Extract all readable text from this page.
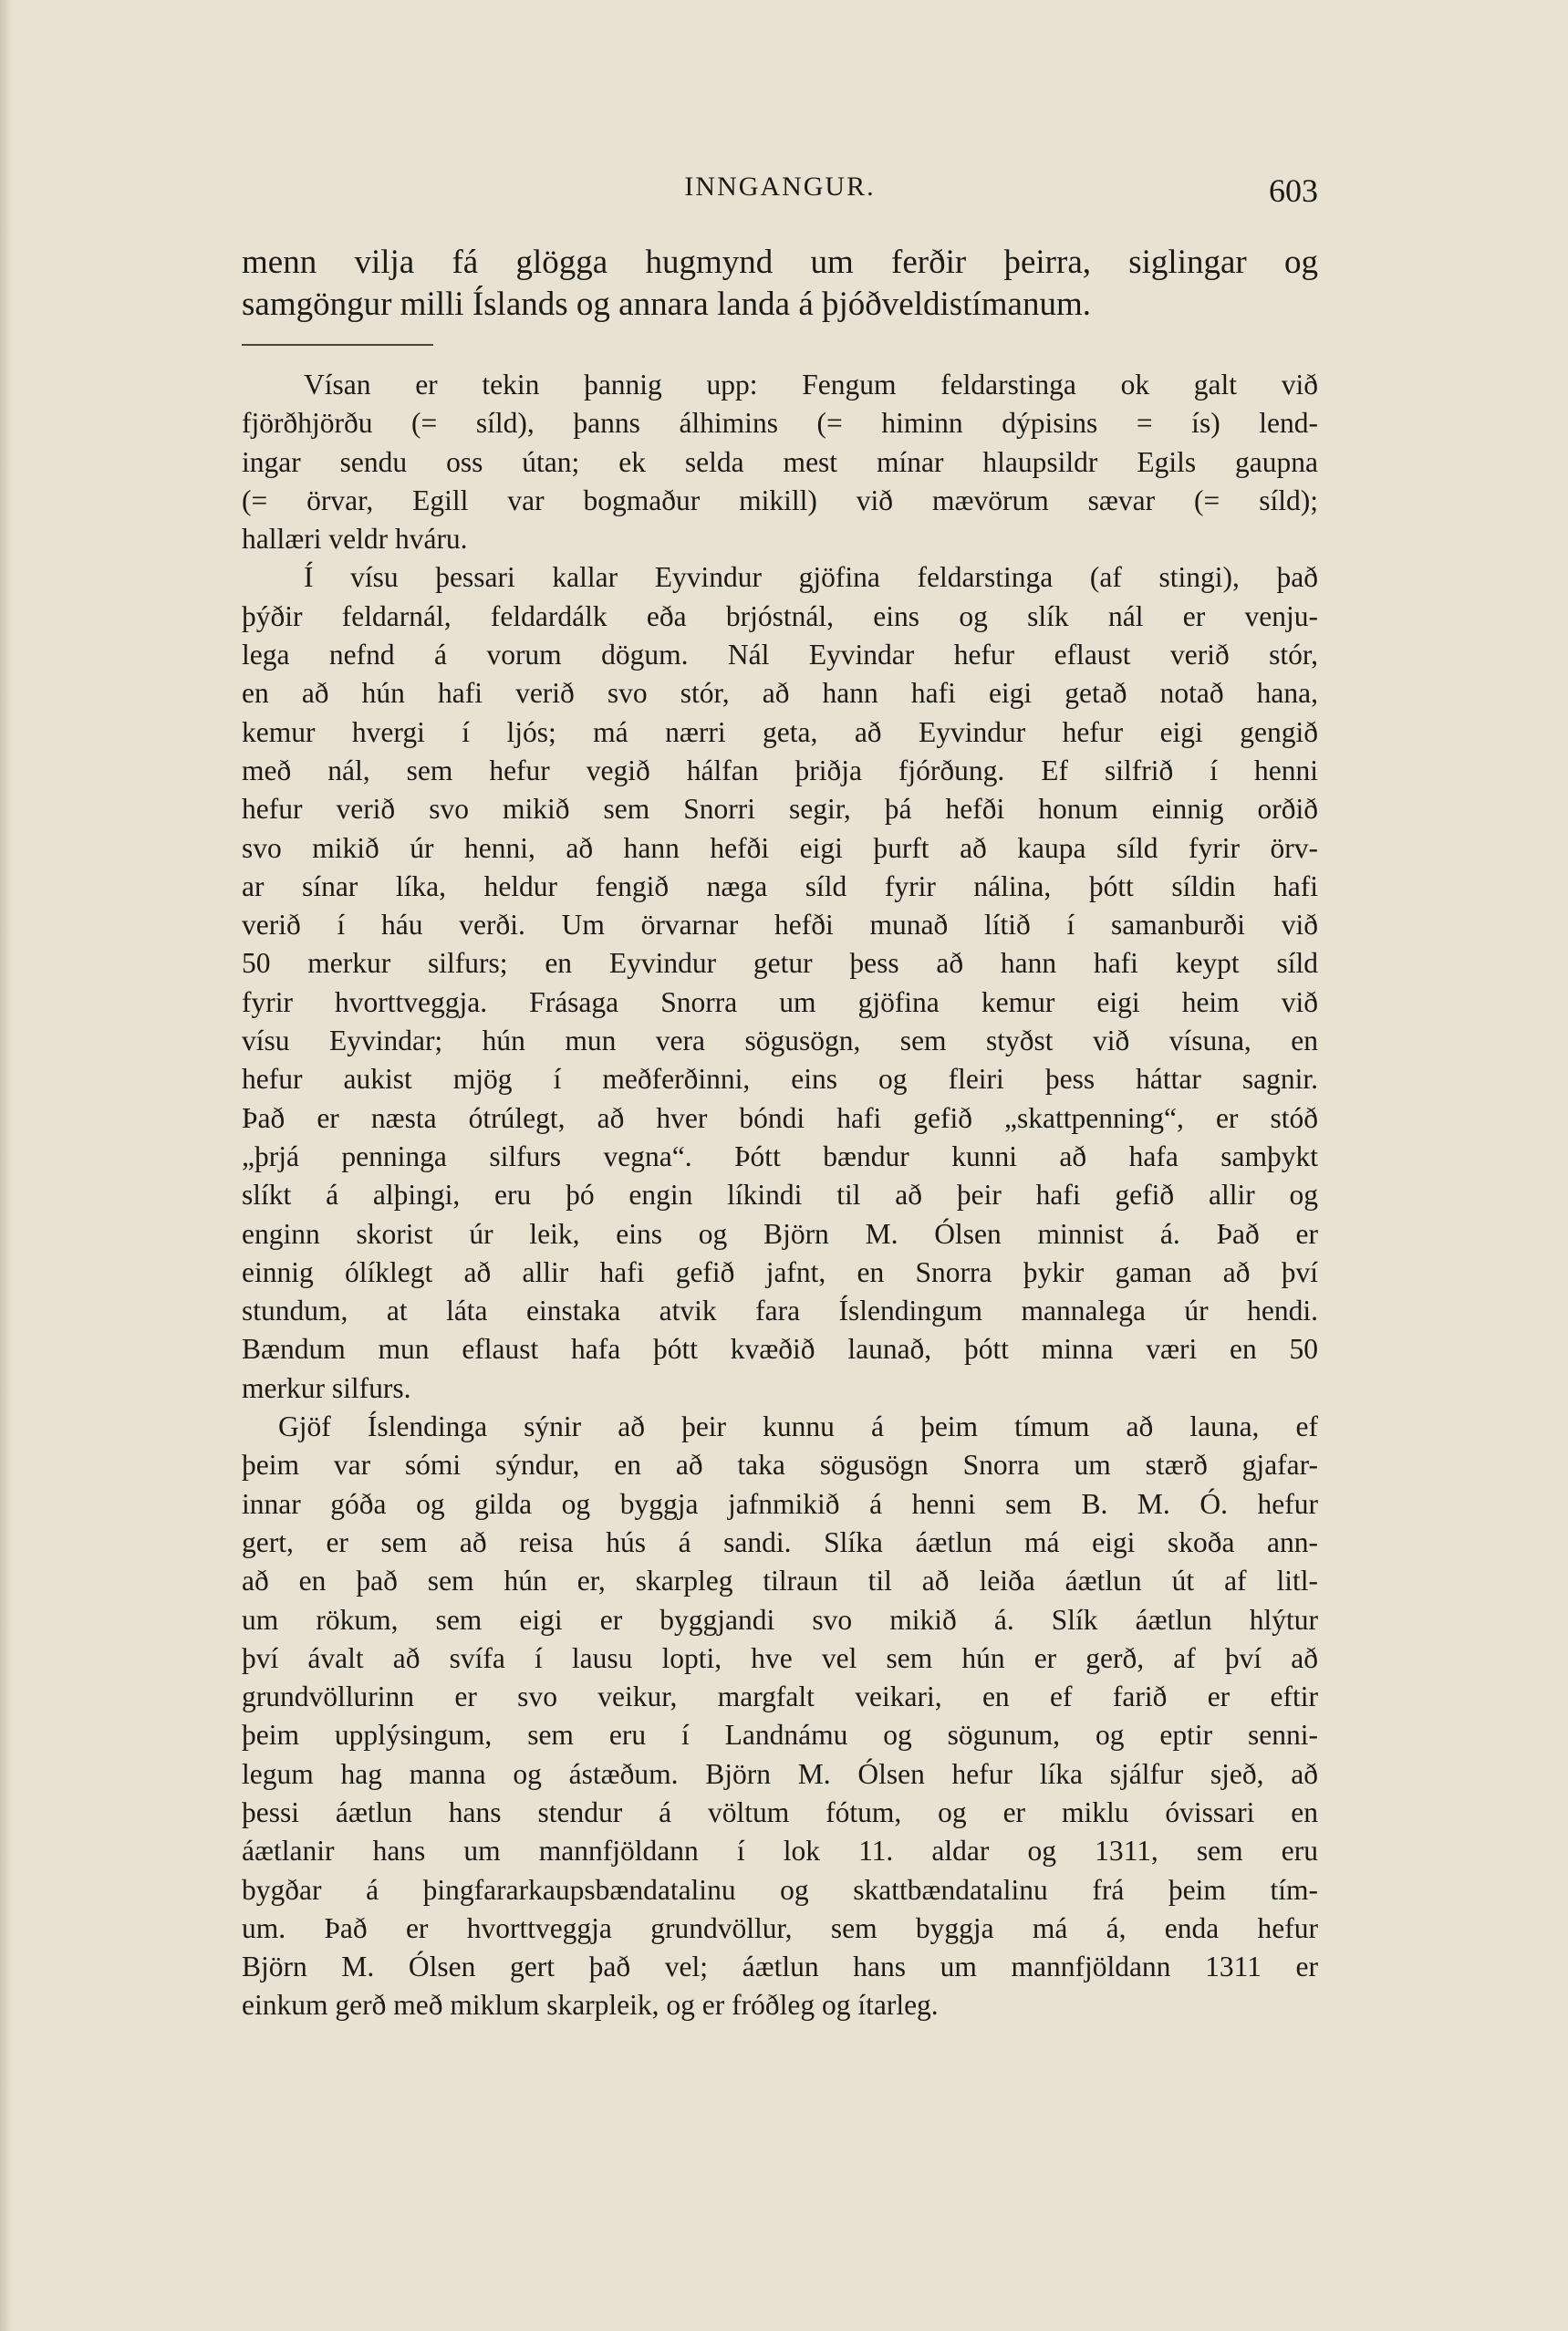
INNGANGUR.	603
menn vilja fá glögga hugmynd um ferðir þeirra, siglingar og
samgöngur milli Íslands og annara landa á þjóðveldistímanum.
Vísan er tekin þannig upp: Fengum feldarstinga ok galt við
fjörðhjörðu (= síld), þanns álhimins (= himinn dýpisins = ís) lend-
ingar sendu oss útan; ek selda mest mínar hlaupsildr Egils gaupna
(= örvar, Egill var bogmaður mikill) við mævörum sævar (= síld);
hallæri veldr hváru.
Í vísu þessari kallar Eyvindur gjöfina feldarstinga (af stingi), það
þýðir feldarnál, feldardálk eða brjóstnál, eins og slík nál er venju-
lega nefnd á vorum dögum. Nál Eyvindar hefur eflaust verið stór,
en að hún hafi verið svo stór, að hann hafi eigi getað notað hana,
kemur hvergi í ljós; má nærri geta, að Eyvindur hefur eigi gengið
með nál, sem hefur vegið hálfan þriðja fjórðung. Ef silfrið í henni
hefur verið svo mikið sem Snorri segir, þá hefði honum einnig orðið
svo mikið úr henni, að hann hefði eigi þurft að kaupa síld fyrir örv-
ar sínar líka, heldur fengið næga síld fyrir nálina, þótt síldin hafi
verið í háu verði. Um örvarnar hefði munað lítið í samanburði við
50 merkur silfurs; en Eyvindur getur þess að hann hafi keypt síld
fyrir hvorttveggja. Frásaga Snorra um gjöfina kemur eigi heim við
vísu Eyvindar; hún mun vera sögusögn, sem styðst við vísuna, en
hefur aukist mjög í meðferðinni, eins og fleiri þess háttar sagnir.
Það er næsta ótrúlegt, að hver bóndi hafi gefið „skattpenning“, er stóð
„þrjá penninga silfurs vegna“. Þótt bændur kunni að hafa samþykt
slíkt á alþingi, eru þó engin líkindi til að þeir hafi gefið allir og
enginn skorist úr leik, eins og Björn M. Ólsen minnist á. Það er
einnig ólíklegt að allir hafi gefið jafnt, en Snorra þykir gaman að því
stundum, at láta einstaka atvik fara Íslendingum mannalega úr hendi.
Bændum mun eflaust hafa þótt kvæðið launað, þótt minna væri en 50
merkur silfurs.
Gjöf Íslendinga sýnir að þeir kunnu á þeim tímum að launa, ef
þeim var sómi sýndur, en að taka sögusögn Snorra um stærð gjafar-
innar góða og gilda og byggja jafnmikið á henni sem B. M. Ó. hefur
gert, er sem að reisa hús á sandi. Slíka áætlun má eigi skoða ann-
að en það sem hún er, skarpleg tilraun til að leiða áætlun út af litl-
um rökum, sem eigi er byggjandi svo mikið á. Slík áætlun hlýtur
því ávalt að svífa í lausu lopti, hve vel sem hún er gerð, af því að
grundvöllurinn er svo veikur, margfalt veikari, en ef farið er eftir
þeim upplýsingum, sem eru í Landnámu og sögunum, og eptir senni-
legum hag manna og ástæðum. Björn M. Ólsen hefur líka sjálfur sjeð, að
þessi áætlun hans stendur á völtum fótum, og er miklu óvissari en
áætlanir hans um mannfjöldann í lok 11. aldar og 1311, sem eru
bygðar á þingfararkaupsbændatalinu og skattbændatalinu frá þeim tím-
um. Það er hvorttveggja grundvöllur, sem byggja má á, enda hefur
Björn M. Ólsen gert það vel; áætlun hans um mannfjöldann 1311 er
einkum gerð með miklum skarpleik, og er fróðleg og ítarleg.
